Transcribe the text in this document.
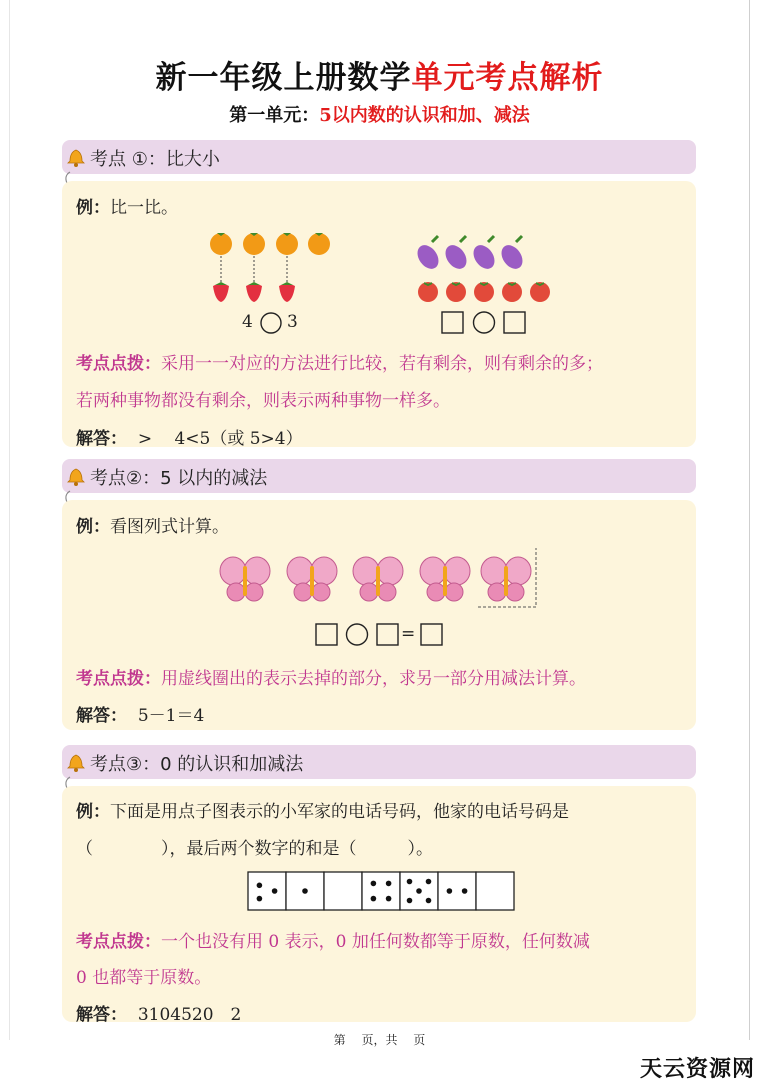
新一年级上册数学单元考点解析
第一单元：5以内数的认识和加、减法
考点 ①：比大小
例：比一比。
4 3
考点点拨：采用一一对应的方法进行比较，若有剩余，则有剩余的多；
若两种事物都没有剩余，则表示两种事物一样多。
解答： >　 4<5（或 5>4）
考点②：5 以内的减法
例：看图列式计算。
=
考点点拨：用虚线圈出的表示去掉的部分，求另一部分用减法计算。
解答： 5－1＝4
考点③：0 的认识和加减法
例：下面是用点子图表示的小军家的电话号码，他家的电话号码是
（　　　　），最后两个数字的和是（　　　）。
考点点拨：一个也没有用 0 表示，0 加任何数都等于原数，任何数减
0 也都等于原数。
解答： 3104520　2
第　 页，共　 页
天云资源网
